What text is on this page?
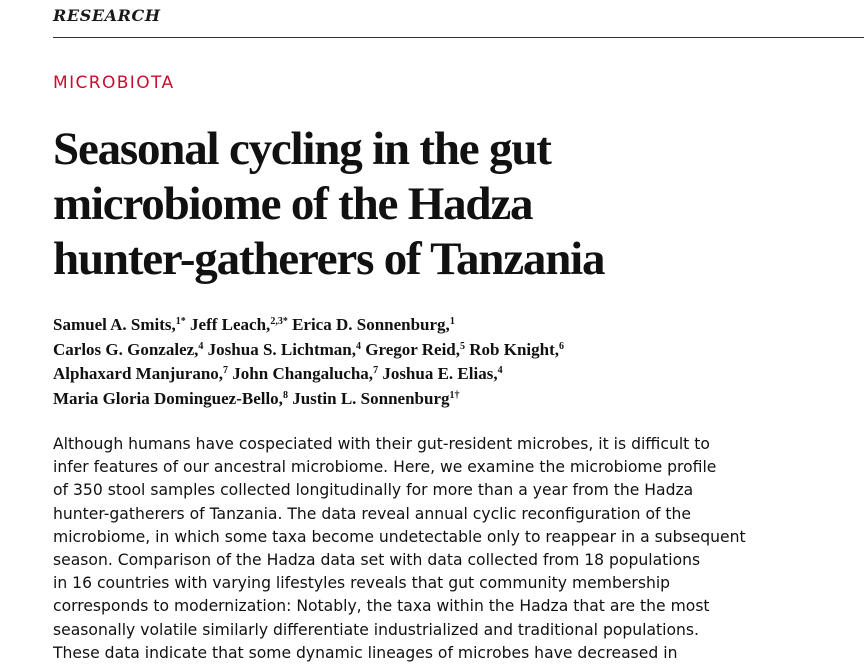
RESEARCH
MICROBIOTA
Seasonal cycling in the gut
microbiome of the Hadza
hunter-gatherers of Tanzania
Samuel A. Smits,$^{1*}$ Jeff Leach,$^{2,3*}$ Erica D. Sonnenburg,$^1$
Carlos G. Gonzalez,$^4$ Joshua S. Lichtman,$^4$ Gregor Reid,$^5$ Rob Knight,$^6$
Alphaxard Manjurano,$^7$ John Changalucha,$^7$ Joshua E. Elias,$^4$
Maria Gloria Dominguez-Bello,$^8$ Justin L. Sonnenburg$^{1\dagger}$
Although humans have cospeciated with their gut-resident microbes, it is difficult to
infer features of our ancestral microbiome. Here, we examine the microbiome profile
of 350 stool samples collected longitudinally for more than a year from the Hadza
hunter-gatherers of Tanzania. The data reveal annual cyclic reconfiguration of the
microbiome, in which some taxa become undetectable only to reappear in a subsequent
season. Comparison of the Hadza data set with data collected from 18 populations
in 16 countries with varying lifestyles reveals that gut community membership
corresponds to modernization: Notably, the taxa within the Hadza that are the most
seasonally volatile similarly differentiate industrialized and traditional populations.
These data indicate that some dynamic lineages of microbes have decreased in
